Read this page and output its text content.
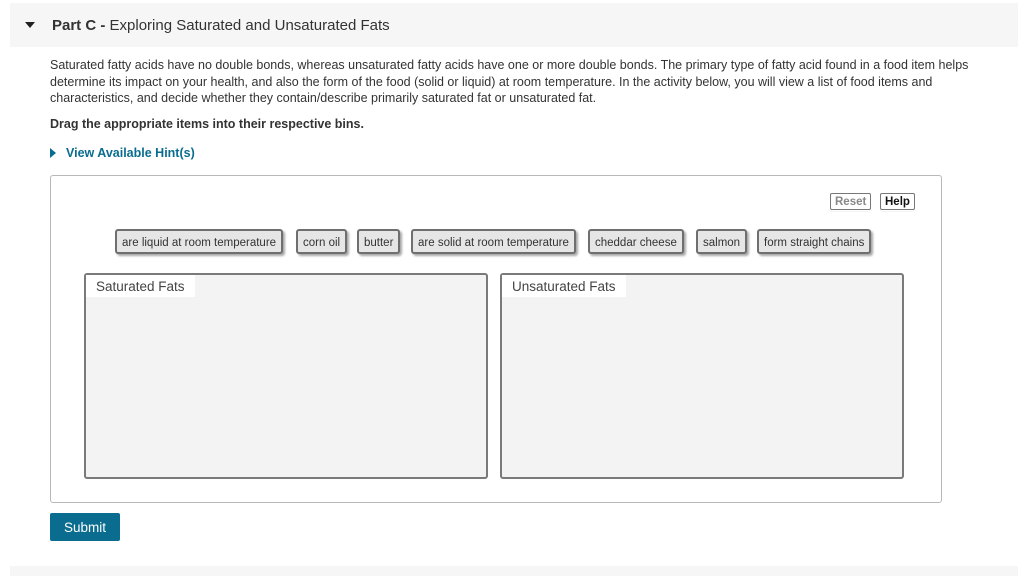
Part C - Exploring Saturated and Unsaturated Fats
Saturated fatty acids have no double bonds, whereas unsaturated fatty acids have one or more double bonds. The primary type of fatty acid found in a food item helps determine its impact on your health, and also the form of the food (solid or liquid) at room temperature. In the activity below, you will view a list of food items and characteristics, and decide whether they contain/describe primarily saturated fat or unsaturated fat.
Drag the appropriate items into their respective bins.
View Available Hint(s)
Reset	Help
are liquid at room temperature	corn oil	butter	are solid at room temperature	cheddar cheese	salmon	form straight chains
Saturated Fats	Unsaturated Fats
Submit
